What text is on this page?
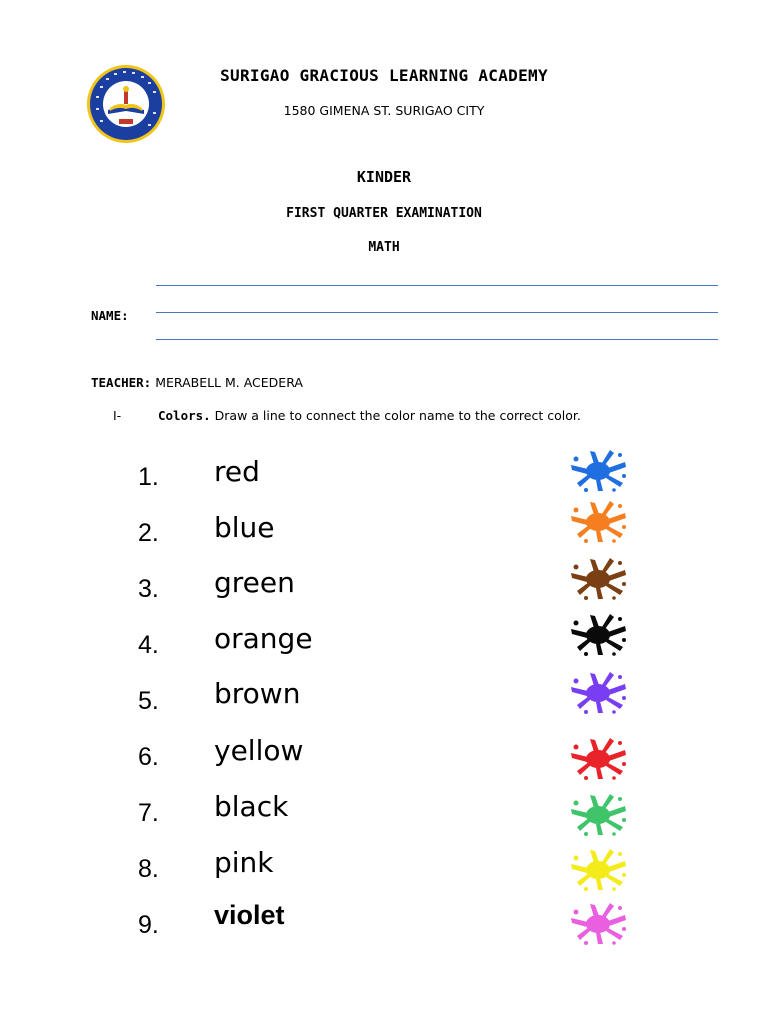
SURIGAO GRACIOUS LEARNING ACADEMY
1580 GIMENA ST. SURIGAO CITY
KINDER
FIRST QUARTER EXAMINATION
MATH
NAME:
TEACHER: MERABELL M. ACEDERA
I-	Colors. Draw a line to connect the color name to the correct color.
1. red
2. blue
3. green
4. orange
5. brown
6. yellow
7. black
8. pink
9. violet
